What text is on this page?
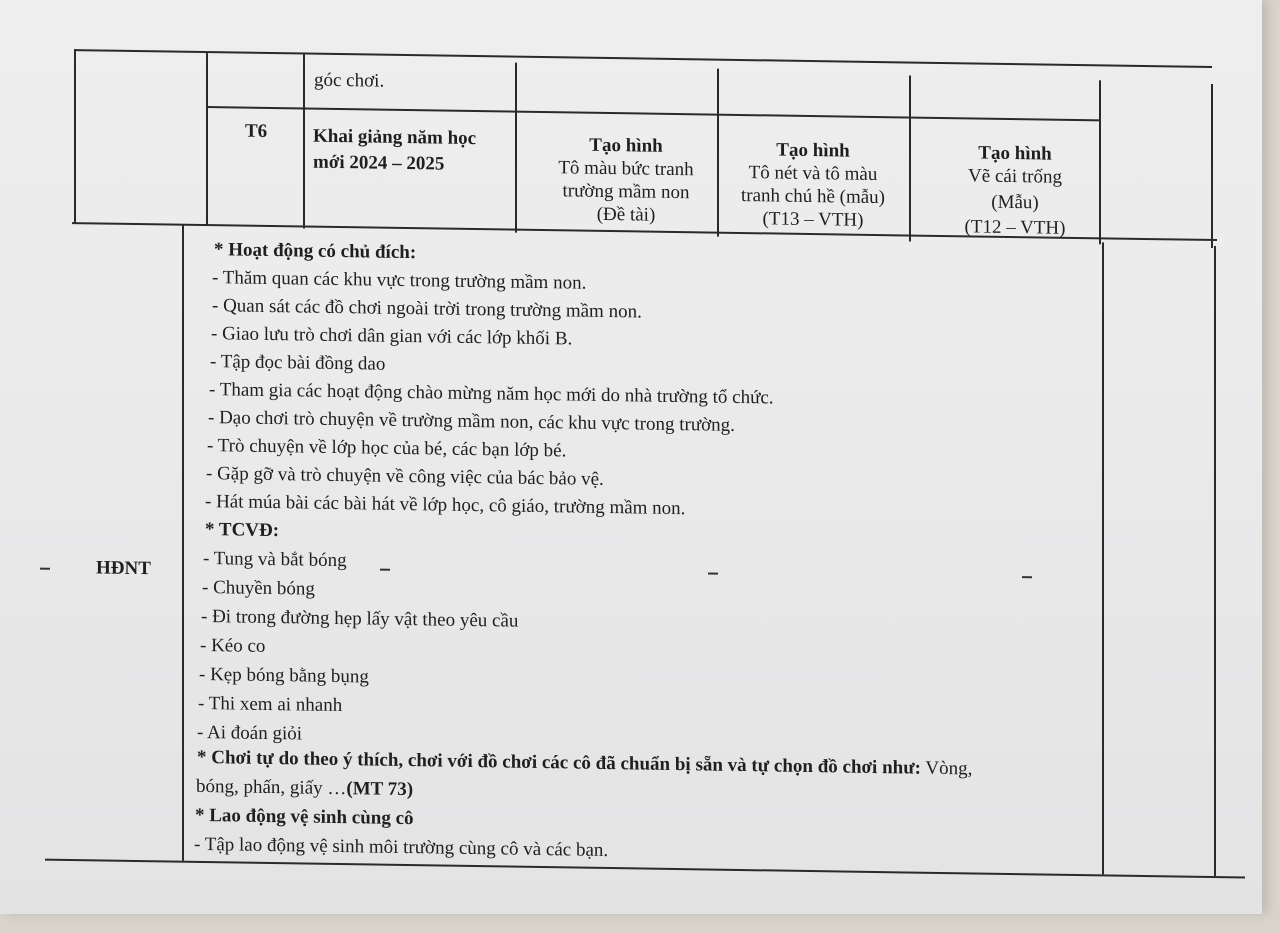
góc chơi.
T6 Khai giảng năm học
mới 2024 – 2025
Tạo hình
Tô màu bức tranh
trường mầm non
(Đề tài)
Tạo hình
Tô nét và tô màu
tranh chú hề (mẫu)
(T13 – VTH)
Tạo hình
Vẽ cái trống
(Mẫu)
(T12 – VTH)
HĐNT
* Hoạt động có chủ đích:
- Thăm quan các khu vực trong trường mầm non.
- Quan sát các đồ chơi ngoài trời trong trường mầm non.
- Giao lưu trò chơi dân gian với các lớp khối B.
- Tập đọc bài đồng dao
- Tham gia các hoạt động chào mừng năm học mới do nhà trường tổ chức.
- Dạo chơi trò chuyện về trường mầm non, các khu vực trong trường.
- Trò chuyện về lớp học của bé, các bạn lớp bé.
- Gặp gỡ và trò chuyện về công việc của bác bảo vệ.
- Hát múa bài các bài hát về lớp học, cô giáo, trường mầm non.
* TCVĐ:
- Tung và bắt bóng
- Chuyền bóng
- Đi trong đường hẹp lấy vật theo yêu cầu
- Kéo co
- Kẹp bóng bằng bụng
- Thi xem ai nhanh
- Ai đoán giỏi
* Chơi tự do theo ý thích, chơi với đồ chơi các cô đã chuẩn bị sẵn và tự chọn đồ chơi như: Vòng,
bóng, phấn, giấy …(MT 73)
* Lao động vệ sinh cùng cô
- Tập lao động vệ sinh môi trường cùng cô và các bạn.
